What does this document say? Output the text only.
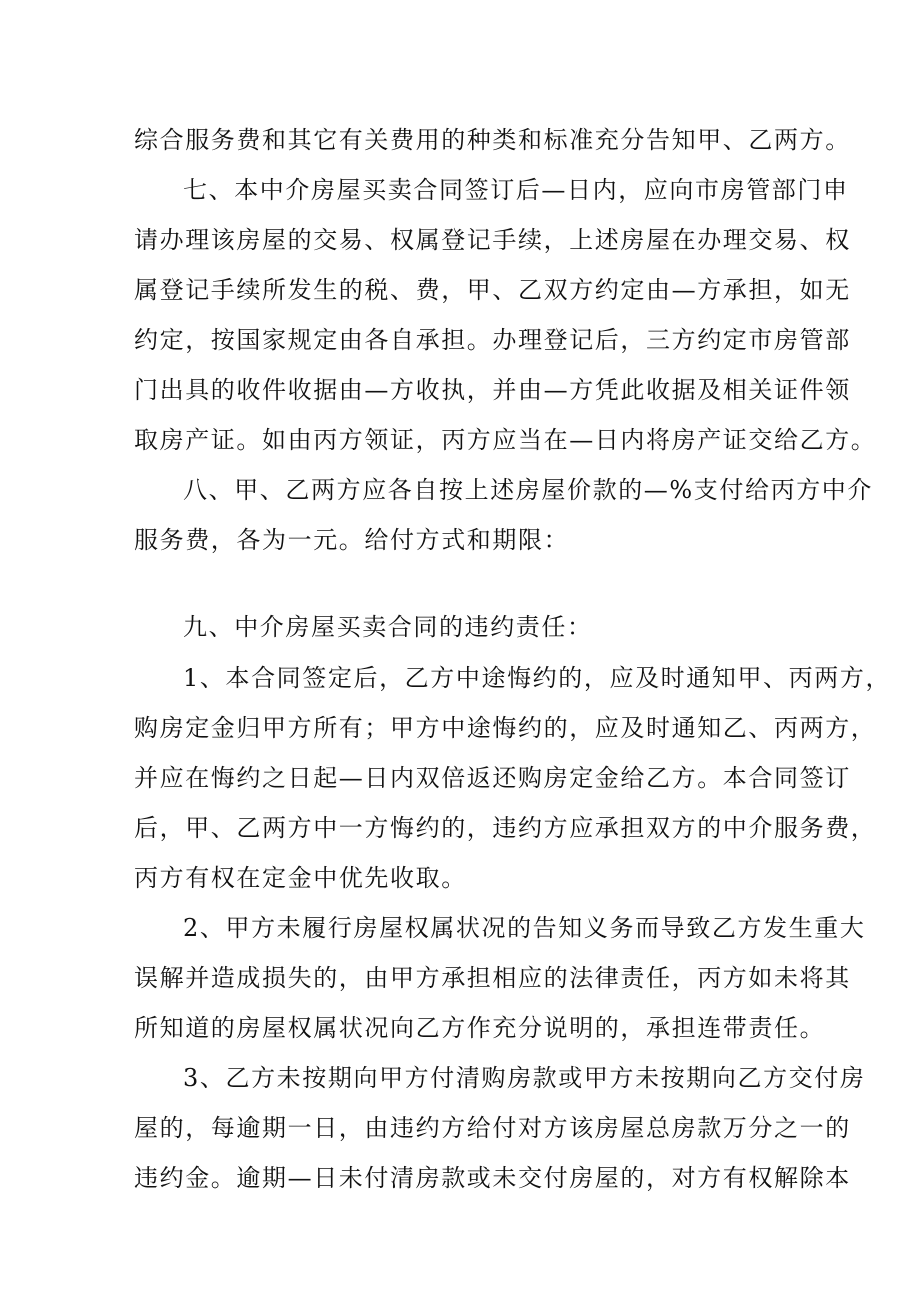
综合服务费和其它有关费用的种类和标准充分告知甲、乙两方。
七、本中介房屋买卖合同签订后—日内，应向市房管部门申
请办理该房屋的交易、权属登记手续，上述房屋在办理交易、权
属登记手续所发生的税、费，甲、乙双方约定由—方承担，如无
约定，按国家规定由各自承担。办理登记后，三方约定市房管部
门出具的收件收据由—方收执，并由—方凭此收据及相关证件领
取房产证。如由丙方领证，丙方应当在—日内将房产证交给乙方。
八、甲、乙两方应各自按上述房屋价款的—%支付给丙方中介
服务费，各为一元。给付方式和期限：
九、中介房屋买卖合同的违约责任：
1、本合同签定后，乙方中途悔约的，应及时通知甲、丙两方，
购房定金归甲方所有；甲方中途悔约的，应及时通知乙、丙两方，
并应在悔约之日起—日内双倍返还购房定金给乙方。本合同签订
后，甲、乙两方中一方悔约的，违约方应承担双方的中介服务费，
丙方有权在定金中优先收取。
2、甲方未履行房屋权属状况的告知义务而导致乙方发生重大
误解并造成损失的，由甲方承担相应的法律责任，丙方如未将其
所知道的房屋权属状况向乙方作充分说明的，承担连带责任。
3、乙方未按期向甲方付清购房款或甲方未按期向乙方交付房
屋的，每逾期一日，由违约方给付对方该房屋总房款万分之一的
违约金。逾期—日未付清房款或未交付房屋的，对方有权解除本
